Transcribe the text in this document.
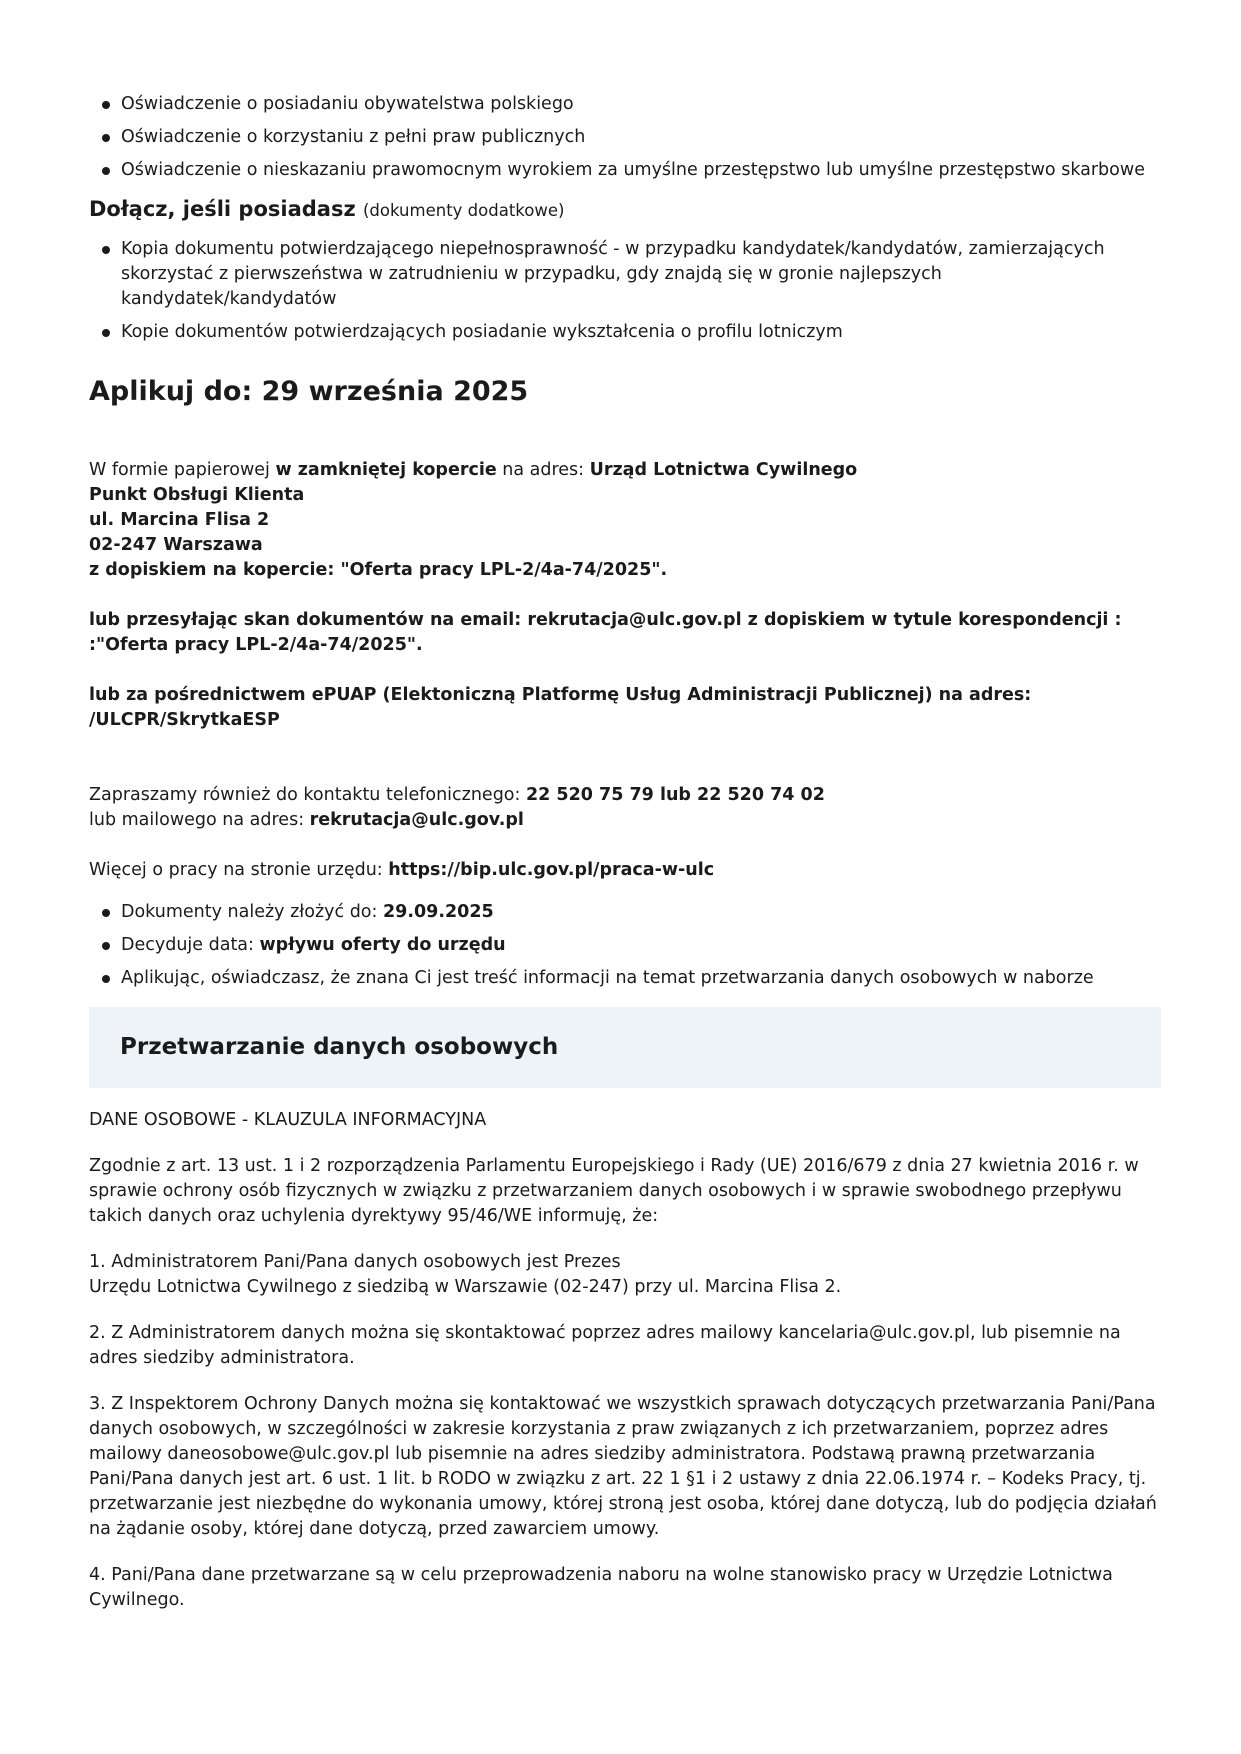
Oświadczenie o posiadaniu obywatelstwa polskiego
Oświadczenie o korzystaniu z pełni praw publicznych
Oświadczenie o nieskazaniu prawomocnym wyrokiem za umyślne przestępstwo lub umyślne przestępstwo skarbowe
Dołącz, jeśli posiadasz (dokumenty dodatkowe)
Kopia dokumentu potwierdzającego niepełnosprawność - w przypadku kandydatek/kandydatów, zamierzających skorzystać z pierwszeństwa w zatrudnieniu w przypadku, gdy znajdą się w gronie najlepszych kandydatek/kandydatów
Kopie dokumentów potwierdzających posiadanie wykształcenia o profilu lotniczym
Aplikuj do: 29 września 2025

W formie papierowej w zamkniętej kopercie na adres: Urząd Lotnictwa Cywilnego

Punkt Obsługi Klienta

ul. Marcina Flisa 2

02-247 Warszawa

z dopiskiem na kopercie: "Oferta pracy LPL-2/4a-74/2025".

lub przesyłając skan dokumentów na email: rekrutacja@ulc.gov.pl z dopiskiem w tytule korespondencji :

:"Oferta pracy LPL-2/4a-74/2025".

lub za pośrednictwem ePUAP (Elektoniczną Platformę Usług Administracji Publicznej) na adres:

/ULCPR/SkrytkaESP

Zapraszamy również do kontaktu telefonicznego: 22 520 75 79 lub 22 520 74 02

lub mailowego na adres: rekrutacja@ulc.gov.pl

Więcej o pracy na stronie urzędu: https://bip.ulc.gov.pl/praca-w-ulc

Dokumenty należy złożyć do: 29.09.2025
Decyduje data: wpływu oferty do urzędu
Aplikując, oświadczasz, że znana Ci jest treść informacji na temat przetwarzania danych osobowych w naborze
Przetwarzanie danych osobowych

DANE OSOBOWE - KLAUZULA INFORMACYJNA

Zgodnie z art. 13 ust. 1 i 2 rozporządzenia Parlamentu Europejskiego i Rady (UE) 2016/679 z dnia 27 kwietnia 2016 r. w sprawie ochrony osób fizycznych w związku z przetwarzaniem danych osobowych i w sprawie swobodnego przepływu takich danych oraz uchylenia dyrektywy 95/46/WE informuję, że:

1. Administratorem Pani/Pana danych osobowych jest Prezes
Urzędu Lotnictwa Cywilnego z siedzibą w Warszawie (02-247) przy ul. Marcina Flisa 2.

2. Z Administratorem danych można się skontaktować poprzez adres mailowy kancelaria@ulc.gov.pl, lub pisemnie na adres siedziby administratora.

3. Z Inspektorem Ochrony Danych można się kontaktować we wszystkich sprawach dotyczących przetwarzania Pani/Pana danych osobowych, w szczególności w zakresie korzystania z praw związanych z ich przetwarzaniem, poprzez adres mailowy daneosobowe@ulc.gov.pl lub pisemnie na adres siedziby administratora. Podstawą prawną przetwarzania Pani/Pana danych jest art. 6 ust. 1 lit. b RODO w związku z art. 22 1 §1 i 2 ustawy z dnia 22.06.1974 r. – Kodeks Pracy, tj. przetwarzanie jest niezbędne do wykonania umowy, której stroną jest osoba, której dane dotyczą, lub do podjęcia działań na żądanie osoby, której dane dotyczą, przed zawarciem umowy.

4. Pani/Pana dane przetwarzane są w celu przeprowadzenia naboru na wolne stanowisko pracy w Urzędzie Lotnictwa Cywilnego.
